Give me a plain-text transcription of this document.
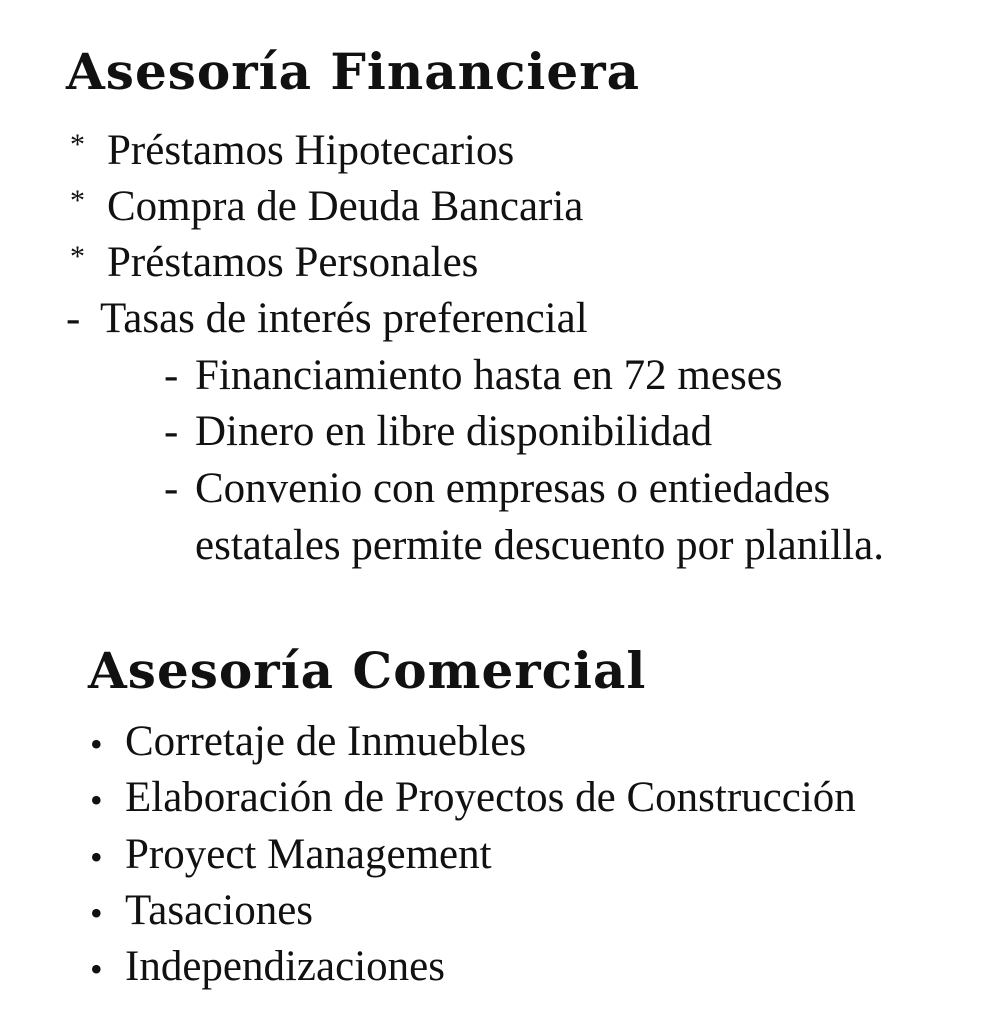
Asesoría Financiera
* Préstamos Hipotecarios
* Compra de Deuda Bancaria
* Préstamos Personales
- Tasas de interés preferencial
- Financiamiento hasta en 72 meses
- Dinero en libre disponibilidad
- Convenio con empresas o entiedades
estatales permite descuento por planilla.
Asesoría Comercial
• Corretaje de Inmuebles
• Elaboración de Proyectos de Construcción
• Proyect Management
• Tasaciones
• Independizaciones
